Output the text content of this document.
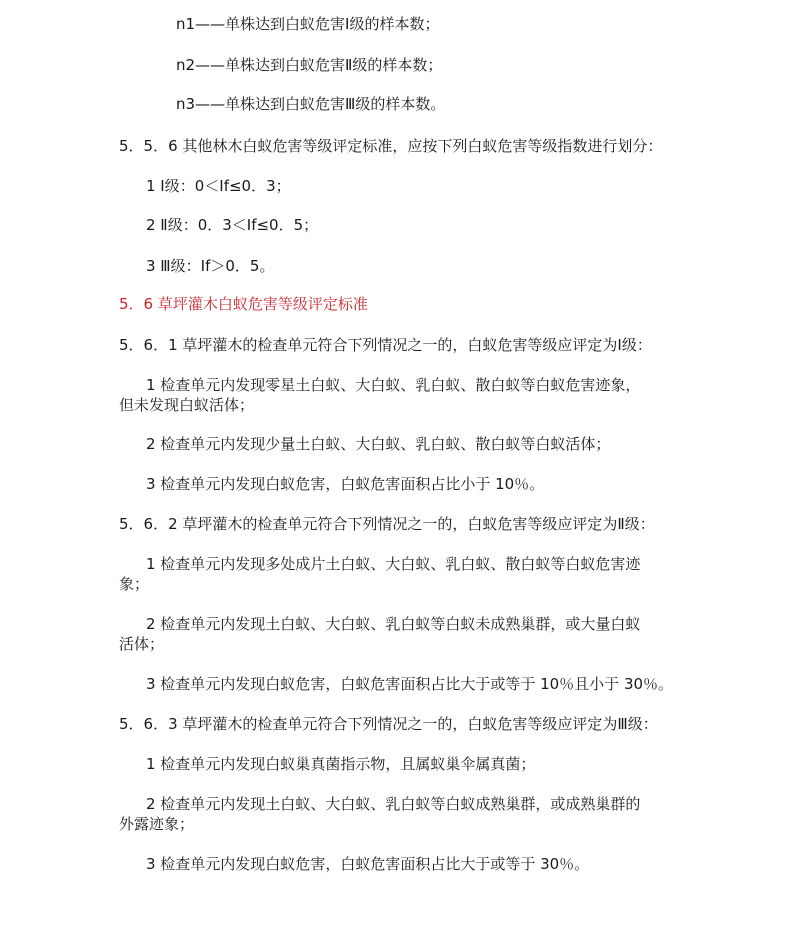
n1——单株达到白蚁危害Ⅰ级的样本数；
n2——单株达到白蚁危害Ⅱ级的样本数；
n3——单株达到白蚁危害Ⅲ级的样本数。
5．5．6 其他林木白蚁危害等级评定标准，应按下列白蚁危害等级指数进行划分：
1 Ⅰ级：0＜If≤0．3；
2 Ⅱ级：0．3＜If≤0．5；
3 Ⅲ级：If＞0．5。
5．6 草坪灌木白蚁危害等级评定标准
5．6．1 草坪灌木的检查单元符合下列情况之一的，白蚁危害等级应评定为Ⅰ级：
1 检查单元内发现零星土白蚁、大白蚁、乳白蚁、散白蚁等白蚁危害迹象，
但未发现白蚁活体；
2 检查单元内发现少量土白蚁、大白蚁、乳白蚁、散白蚁等白蚁活体；
3 检查单元内发现白蚁危害，白蚁危害面积占比小于 10％。
5．6．2 草坪灌木的检查单元符合下列情况之一的，白蚁危害等级应评定为Ⅱ级：
1 检查单元内发现多处成片土白蚁、大白蚁、乳白蚁、散白蚁等白蚁危害迹
象；
2 检查单元内发现土白蚁、大白蚁、乳白蚁等白蚁未成熟巢群，或大量白蚁
活体；
3 检查单元内发现白蚁危害，白蚁危害面积占比大于或等于 10％且小于 30％。
5．6．3 草坪灌木的检查单元符合下列情况之一的，白蚁危害等级应评定为Ⅲ级：
1 检查单元内发现白蚁巢真菌指示物，且属蚁巢伞属真菌；
2 检查单元内发现土白蚁、大白蚁、乳白蚁等白蚁成熟巢群，或成熟巢群的
外露迹象；
3 检查单元内发现白蚁危害，白蚁危害面积占比大于或等于 30％。
